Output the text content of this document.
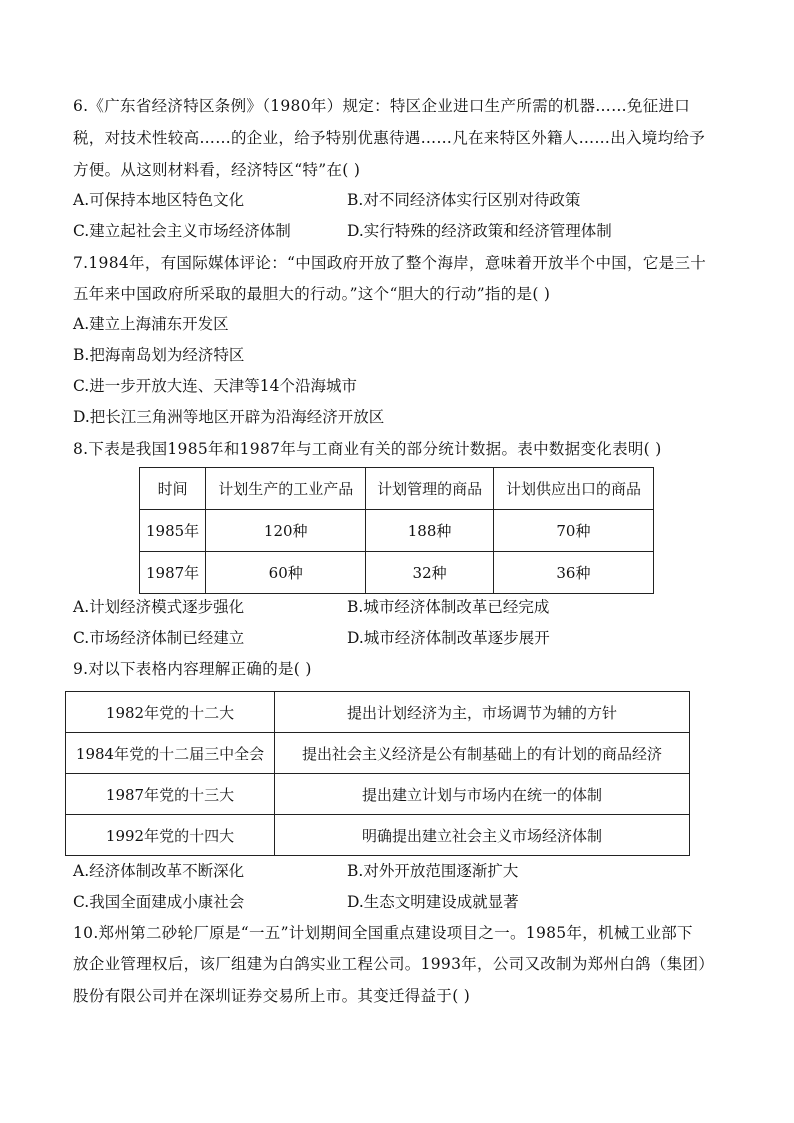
6.《广东省经济特区条例》（1980年）规定：特区企业进口生产所需的机器……免征进口
税，对技术性较高……的企业，给予特别优惠待遇……凡在来特区外籍人……出入境均给予
方便。从这则材料看，经济特区“特”在( )
A.可保持本地区特色文化	B.对不同经济体实行区别对待政策
C.建立起社会主义市场经济体制	D.实行特殊的经济政策和经济管理体制
7.1984年，有国际媒体评论：“中国政府开放了整个海岸，意味着开放半个中国，它是三十
五年来中国政府所采取的最胆大的行动。”这个“胆大的行动”指的是( )
A.建立上海浦东开发区
B.把海南岛划为经济特区
C.进一步开放大连、天津等14个沿海城市
D.把长江三角洲等地区开辟为沿海经济开放区
8.下表是我国1985年和1987年与工商业有关的部分统计数据。表中数据变化表明( )
时间	计划生产的工业产品	计划管理的商品	计划供应出口的商品
1985年	120种	188种	70种
1987年	60种	32种	36种
A.计划经济模式逐步强化	B.城市经济体制改革已经完成
C.市场经济体制已经建立	D.城市经济体制改革逐步展开
9.对以下表格内容理解正确的是( )
1982年党的十二大	提出计划经济为主，市场调节为辅的方针
1984年党的十二届三中全会	提出社会主义经济是公有制基础上的有计划的商品经济
1987年党的十三大	提出建立计划与市场内在统一的体制
1992年党的十四大	明确提出建立社会主义市场经济体制
A.经济体制改革不断深化	B.对外开放范围逐渐扩大
C.我国全面建成小康社会	D.生态文明建设成就显著
10.郑州第二砂轮厂原是“一五”计划期间全国重点建设项目之一。1985年，机械工业部下
放企业管理权后，该厂组建为白鸽实业工程公司。1993年，公司又改制为郑州白鸽（集团）
股份有限公司并在深圳证券交易所上市。其变迁得益于( )
